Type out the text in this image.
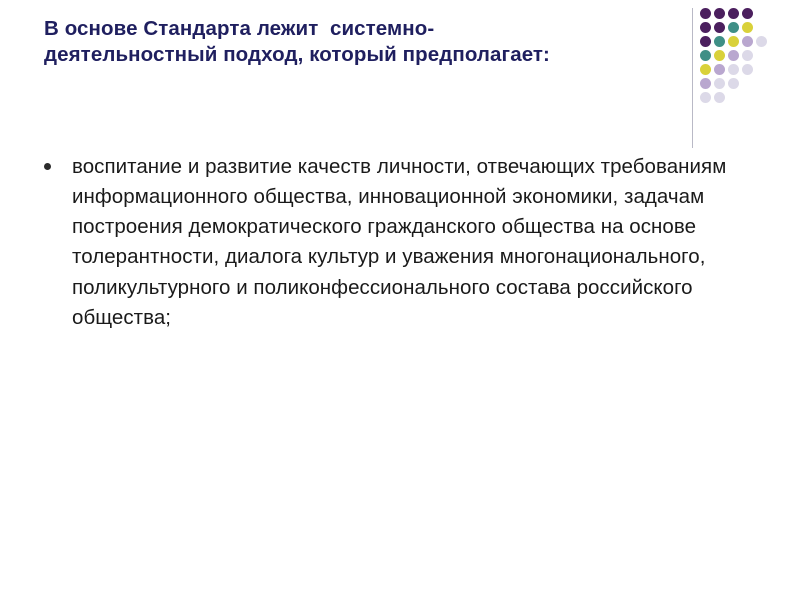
В основе Стандарта лежит  системно-
деятельностный подход, который предполагает:
воспитание и развитие качеств личности, отвечающих требованиям информационного общества, инновационной экономики, задачам построения демократического гражданского общества на основе толерантности, диалога культур и уважения многонационального, поликультурного и поликонфессионального состава российского общества;
